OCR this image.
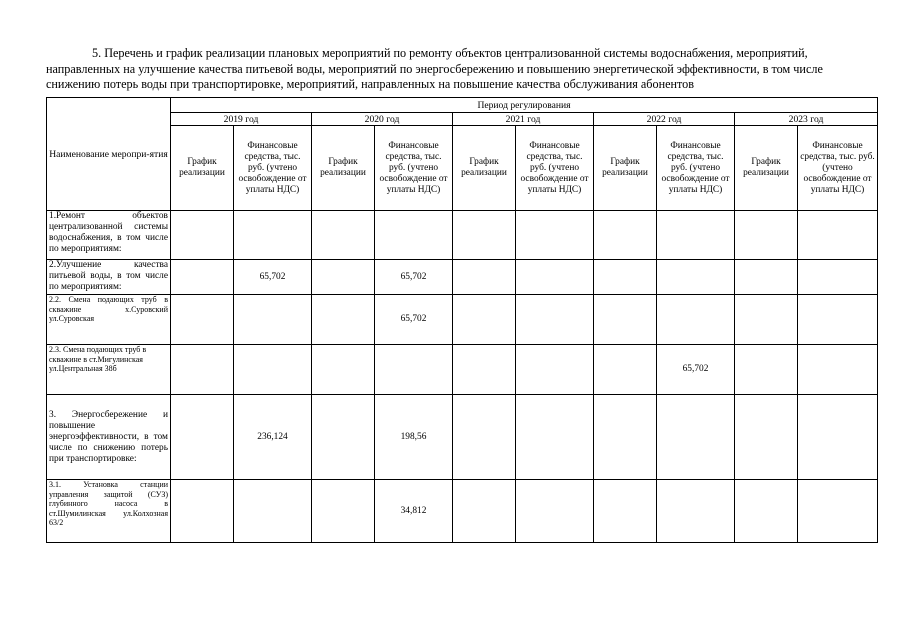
5. Перечень и график реализации плановых мероприятий по ремонту объектов централизованной системы водоснабжения, мероприятий, направленных на улучшение качества питьевой воды, мероприятий по энергосбережению и повышению энергетической эффективности, в том числе снижению потерь воды при транспортировке, мероприятий, направленных на повышение качества обслуживания абонентов
Наименование меропри-ятия	Период регулирования									
	2019 год		2020 год		2021 год		2022 год		2023 год	
	График реализации	Финансовые средства, тыс. руб. (учтено освобождение от уплаты НДС)	График реализации	Финансовые средства, тыс. руб. (учтено освобождение от уплаты НДС)	График реализации	Финансовые средства, тыс. руб. (учтено освобождение от уплаты НДС)	График реализации	Финансовые средства, тыс. руб. (учтено освобождение от уплаты НДС)	График реализации	Финансовые средства, тыс. руб. (учтено освобождение от уплаты НДС)
1.Ремонт объектов централизованной системы водоснабжения, в том числе по мероприятиям:										
2.Улучшение качества питьевой воды, в том числе по мероприятиям:		65,702		65,702						
2.2. Смена подающих труб в скважине х.Суровский ул.Суровская				65,702						
2.3. Смена подающих труб в скважине в ст.Мигулинская ул.Центральная 38б								65,702		
3. Энергосбережение и повышение энергоэффективности, в том числе по снижению потерь при транспортировке:		236,124		198,56						
3.1. Установка станции управления защитой (СУЗ) глубинного насоса в ст.Шумилинская ул.Колхозная 63/2				34,812						
